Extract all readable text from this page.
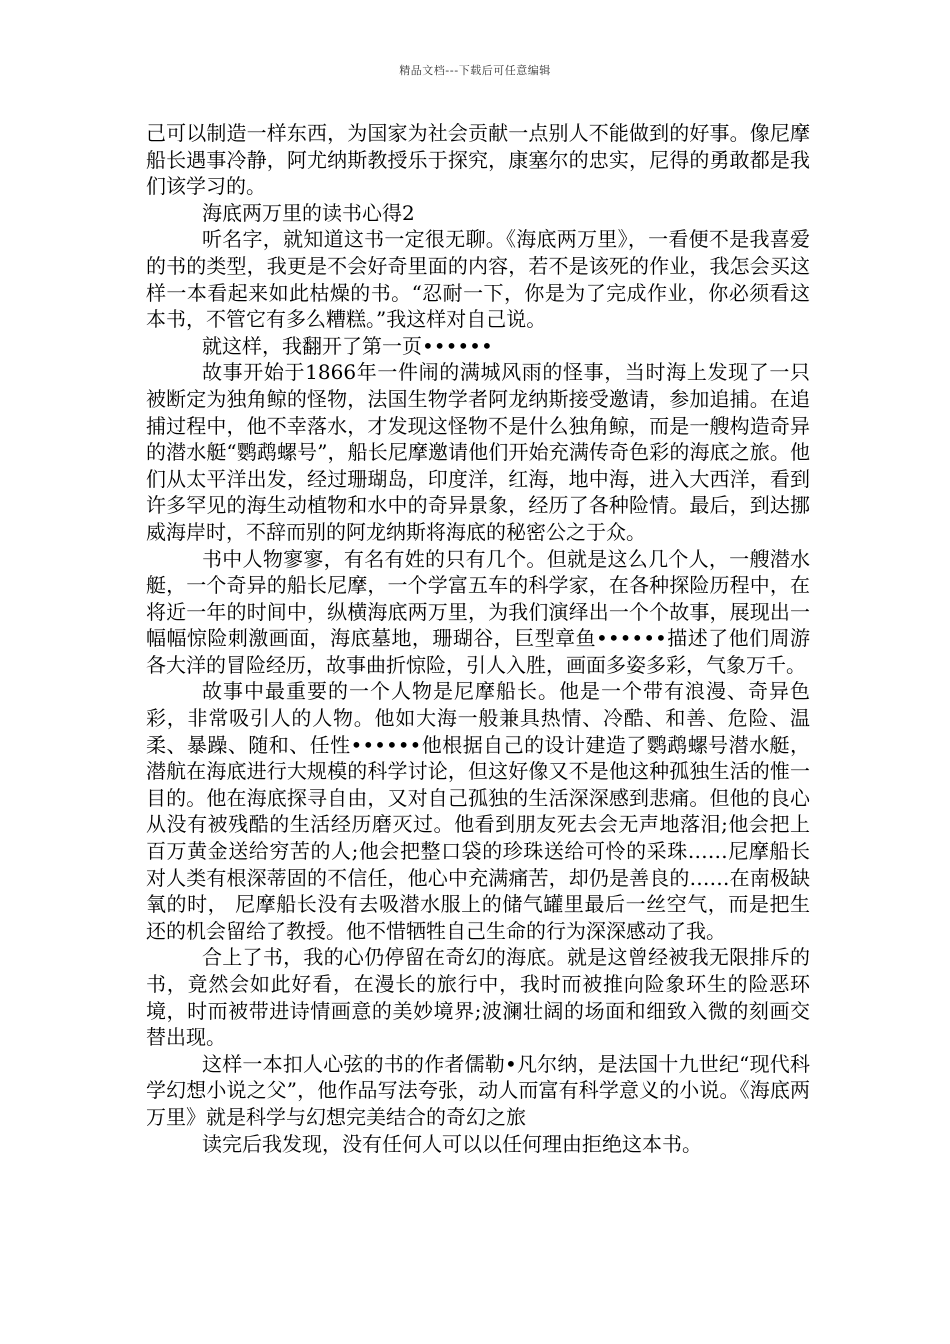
精品文档---下载后可任意编辑

己可以制造一样东西，为国家为社会贡献一点别人不能做到的好事。像尼摩船长遇事冷静，阿尤纳斯教授乐于探究，康塞尔的忠实，尼得的勇敢都是我们该学习的。

海底两万里的读书心得2

听名字，就知道这书一定很无聊。《海底两万里》，一看便不是我喜爱的书的类型，我更是不会好奇里面的内容，若不是该死的作业，我怎会买这样一本看起来如此枯燥的书。“忍耐一下，你是为了完成作业，你必须看这本书，不管它有多么糟糕。”我这样对自己说。

就这样，我翻开了第一页••••••

故事开始于1866年一件闹的满城风雨的怪事，当时海上发现了一只被断定为独角鲸的怪物，法国生物学者阿龙纳斯接受邀请，参加追捕。在追捕过程中，他不幸落水，才发现这怪物不是什么独角鲸，而是一艘构造奇异的潜水艇“鹦鹉螺号”，船长尼摩邀请他们开始充满传奇色彩的海底之旅。他们从太平洋出发，经过珊瑚岛，印度洋，红海，地中海，进入大西洋，看到许多罕见的海生动植物和水中的奇异景象，经历了各种险情。最后，到达挪威海岸时，不辞而别的阿龙纳斯将海底的秘密公之于众。

书中人物寥寥，有名有姓的只有几个。但就是这么几个人，一艘潜水艇，一个奇异的船长尼摩，一个学富五车的科学家，在各种探险历程中，在将近一年的时间中，纵横海底两万里，为我们演绎出一个个故事，展现出一幅幅惊险刺激画面，海底墓地，珊瑚谷，巨型章鱼••••••描述了他们周游各大洋的冒险经历，故事曲折惊险，引人入胜，画面多姿多彩，气象万千。

故事中最重要的一个人物是尼摩船长。他是一个带有浪漫、奇异色彩，非常吸引人的人物。他如大海一般兼具热情、冷酷、和善、危险、温柔、暴躁、随和、任性••••••他根据自己的设计建造了鹦鹉螺号潜水艇，潜航在海底进行大规模的科学讨论，但这好像又不是他这种孤独生活的惟一目的。他在海底探寻自由，又对自己孤独的生活深深感到悲痛。但他的良心从没有被残酷的生活经历磨灭过。他看到朋友死去会无声地落泪;他会把上百万黄金送给穷苦的人;他会把整口袋的珍珠送给可怜的采珠……尼摩船长对人类有根深蒂固的不信任，他心中充满痛苦，却仍是善良的……在南极缺氧的时， 尼摩船长没有去吸潜水服上的储气罐里最后一丝空气，而是把生还的机会留给了教授。他不惜牺牲自己生命的行为深深感动了我。

合上了书，我的心仍停留在奇幻的海底。就是这曾经被我无限排斥的书，竟然会如此好看，在漫长的旅行中，我时而被推向险象环生的险恶环境，时而被带进诗情画意的美妙境界;波澜壮阔的场面和细致入微的刻画交替出现。

这样一本扣人心弦的书的作者儒勒•凡尔纳，是法国十九世纪“现代科学幻想小说之父”，他作品写法夸张，动人而富有科学意义的小说。《海底两万里》就是科学与幻想完美结合的奇幻之旅

读完后我发现，没有任何人可以以任何理由拒绝这本书。
